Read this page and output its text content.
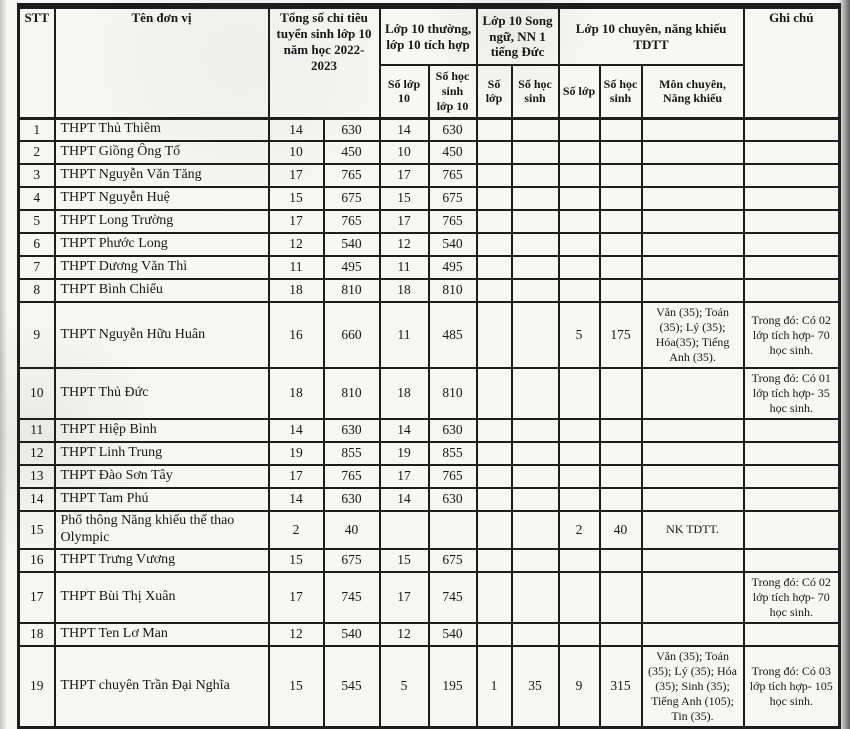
STT	Tên đơn vị	Tổng số chỉ tiêu tuyển sinh lớp 10 năm học 2022-2023		Lớp 10 thường, lớp 10 tích hợp		Lớp 10 Song ngữ, NN 1 tiếng Đức		Lớp 10 chuyên, năng khiếu TDTT			Ghi chú
				Số lớp 10	Số học sinh lớp 10	Số lớp	Số học sinh	Số lớp	Số học sinh	Môn chuyên, Năng khiếu	
1	THPT Thủ Thiêm	14	630	14	630						
2	THPT Giồng Ông Tố	10	450	10	450						
3	THPT Nguyễn Văn Tăng	17	765	17	765						
4	THPT Nguyễn Huệ	15	675	15	675						
5	THPT Long Trường	17	765	17	765						
6	THPT Phước Long	12	540	12	540						
7	THPT Dương Văn Thì	11	495	11	495						
8	THPT Bình Chiểu	18	810	18	810						
9	THPT Nguyễn Hữu Huân	16	660	11	485			5	175	Văn (35); Toán (35); Lý (35); Hóa(35); Tiếng Anh (35).	Trong đó: Có 02 lớp tích hợp- 70 học sinh.
10	THPT Thủ Đức	18	810	18	810						Trong đó: Có 01 lớp tích hợp- 35 học sinh.
11	THPT Hiệp Bình	14	630	14	630						
12	THPT Linh Trung	19	855	19	855						
13	THPT Đào Sơn Tây	17	765	17	765						
14	THPT Tam Phú	14	630	14	630						
15	Phổ thông Năng khiếu thể thao Olympic	2	40					2	40	NK TDTT.	
16	THPT Trưng Vương	15	675	15	675						
17	THPT Bùi Thị Xuân	17	745	17	745						Trong đó: Có 02 lớp tích hợp- 70 học sinh.
18	THPT Ten Lơ Man	12	540	12	540						
19	THPT chuyên Trần Đại Nghĩa	15	545	5	195	1	35	9	315	Văn (35); Toán (35); Lý (35); Hóa (35); Sinh (35); Tiếng Anh (105); Tin (35).	Trong đó: Có 03 lớp tích hợp- 105 học sinh.
